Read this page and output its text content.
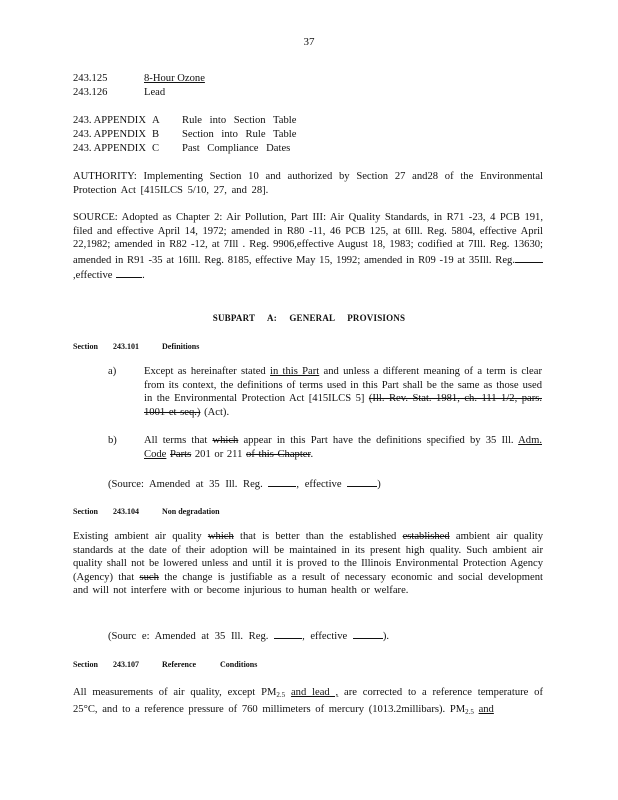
37
243.125	8-Hour Ozone
243.126	Lead
243. APPENDIX A Rule into Section Table
243. APPENDIX B Section into Rule Table
243. APPENDIX C Past Compliance Dates
AUTHORITY: Implementing Section 10 and authorized by Section 27 and28 of the Environmental Protection Act [415ILCS 5/10, 27, and 28].
SOURCE: Adopted as Chapter 2: Air Pollution, Part III: Air Quality Standards, in R71 -23, 4 PCB 191, filed and effective April 14, 1972; amended in R80 -11, 46 PCB 125, at 6Ill. Reg. 5804, effective April 22,1982; amended in R82 -12, at 7Ill . Reg. 9906,effective August 18, 1983; codified at 7Ill. Reg. 13630; amended in R91 -35 at 16Ill. Reg. 8185, effective May 15, 1992; amended in R09 -19 at 35Ill. Reg.,effective	.
SUBPART A: GENERAL PROVISIONS
Section 243.101	Definitions
a)	Except as hereinafter stated in this Part and unless a different meaning of a term is clear from its context, the definitions of terms used in this Part shall be the same as those used in the Environmental Protection Act [415ILCS 5] (Ill. Rev. Stat. 1981, ch. 111 1/2, pars. 1001 et seq.) (Act).
b)	All terms that which appear in this Part have the definitions specified by 35 Ill. Adm. Code Parts 201 or 211 of this Chapter.
(Source: Amended at 35 Ill. Reg.	, effective	)
Section 243.104	Non degradation
Existing ambient air quality which that is better than the established established ambient air quality standards at the date of their adoption will be maintained in its present high quality. Such ambient air quality shall not be lowered unless and until it is proved to the Illinois Environmental Protection Agency (Agency) that such the change is justifiable as a result of necessary economic and social development and will not interfere with or become injurious to human health or welfare.
(Sourc e: Amended at 35 Ill. Reg.	, effective	).
Section 243.107	Reference	Conditions
All measurements of air quality, except $PM_{2.5}$ and lead , are corrected to a reference temperature of 25°C, and to a reference pressure of 760 millimeters of mercury (1013.2millibars). $PM_{2.5}$ and
